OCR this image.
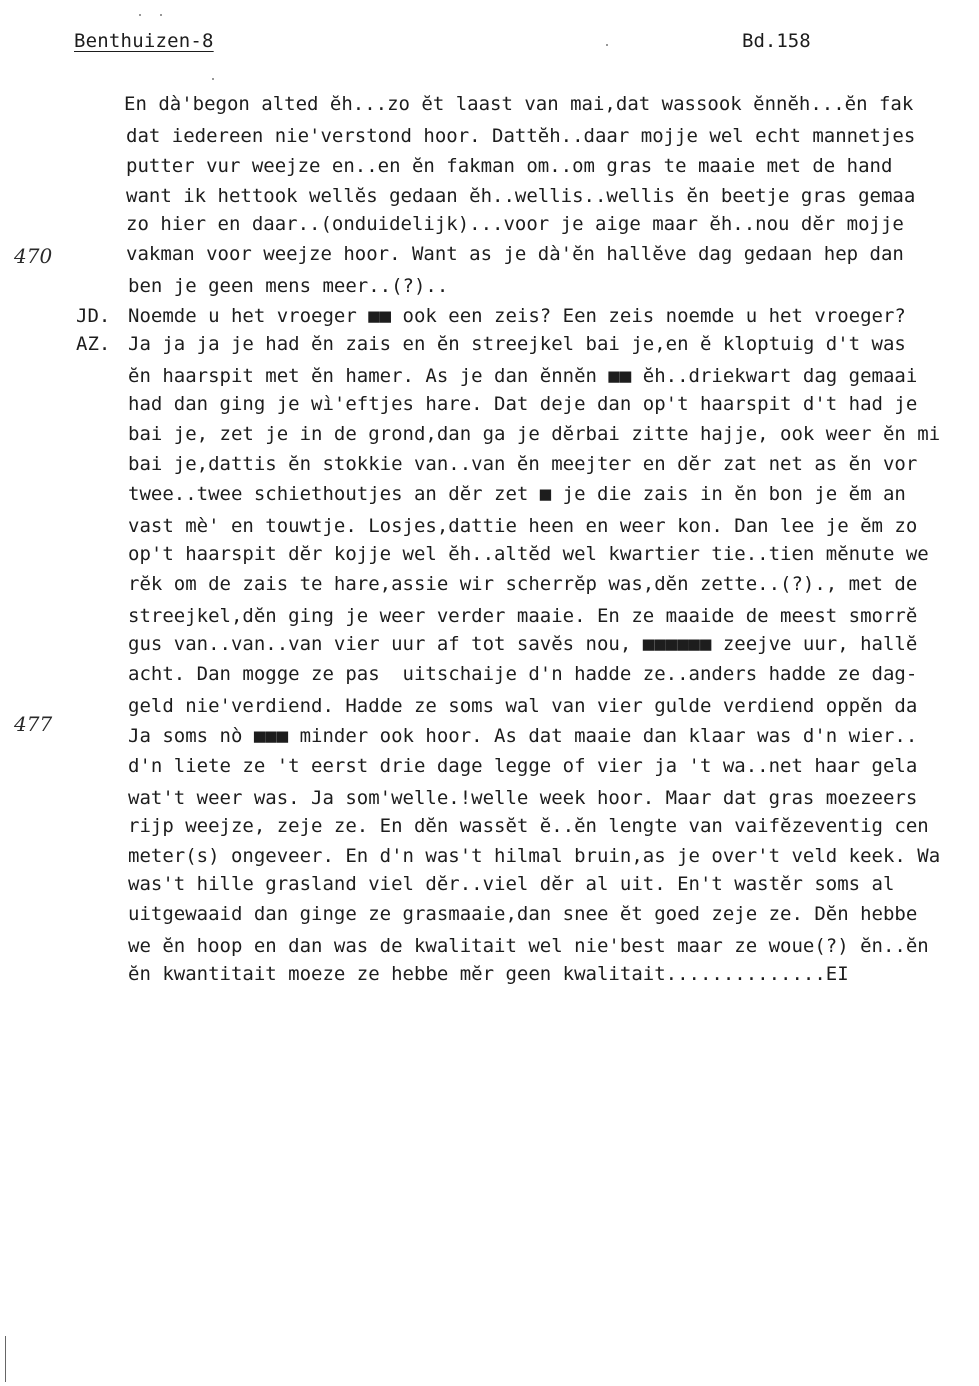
Benthuizen-8	Bd.158
470
477
En dà'begon alted ĕh...zo ĕt laast van mai,dat wassook ĕnnĕh...ĕn fak
dat iedereen nie'verstond hoor. Dattĕh..daar mojje wel echt mannetjes
putter vur weejze en..en ĕn fakman om..om gras te maaie met de hand
want ik hettook wellĕs gedaan ĕh..wellis..wellis ĕn beetje gras gemaa
zo hier en daar..(onduidelijk)...voor je aige maar ĕh..nou dĕr mojje
vakman voor weejze hoor. Want as je dà'ĕn hallĕve dag gedaan hep dan
ben je geen mens meer..(?)..
JD. Noemde u het vroeger ■■ ook een zeis? Een zeis noemde u het vroeger?
AZ. Ja ja ja je had ĕn zais en ĕn streejkel bai je,en ĕ kloptuig d't was
ĕn haarspit met ĕn hamer. As je dan ĕnnĕn ■■ ĕh..driekwart dag gemaai
had dan ging je wì'eftjes hare. Dat deje dan op't haarspit d't had je
bai je, zet je in de grond,dan ga je dĕrbai zitte hajje, ook weer ĕn mi
bai je,dattis ĕn stokkie van..van ĕn meejter en dĕr zat net as ĕn vor
twee..twee schiethoutjes an dĕr zet ■ je die zais in ĕn bon je ĕm an
vast mè' en touwtje. Losjes,dattie heen en weer kon. Dan lee je ĕm zo
op't haarspit dĕr kojje wel ĕh..altĕd wel kwartier tie..tien mĕnute we
rĕk om de zais te hare,assie wir scherrĕp was,dĕn zette..(?)., met de
streejkel,dĕn ging je weer verder maaie. En ze maaide de meest smorrĕ
gus van..van..van vier uur af tot savĕs nou, ■■■■■■ zeejve uur, hallĕ
acht. Dan mogge ze pas  uitschaije d'n hadde ze..anders hadde ze dag-
geld nie'verdiend. Hadde ze soms wal van vier gulde verdiend oppĕn da
Ja soms nò ■■■ minder ook hoor. As dat maaie dan klaar was d'n wier..
d'n liete ze 't eerst drie dage legge of vier ja 't wa..net haar gela
wat't weer was. Ja som'welle.!welle week hoor. Maar dat gras moezeers
rijp weejze, zeje ze. En dĕn wassĕt ĕ..ĕn lengte van vaifĕzeventig cen
meter(s) ongeveer. En d'n was't hilmal bruin,as je over't veld keek. Wa
was't hille grasland viel dĕr..viel dĕr al uit. En't wastĕr soms al
uitgewaaid dan ginge ze grasmaaie,dan snee ĕt goed zeje ze. Dĕn hebbe
we ĕn hoop en dan was de kwalitait wel nie'best maar ze woue(?) ĕn..ĕn
ĕn kwantitait moeze ze hebbe mĕr geen kwalitait..............EI
